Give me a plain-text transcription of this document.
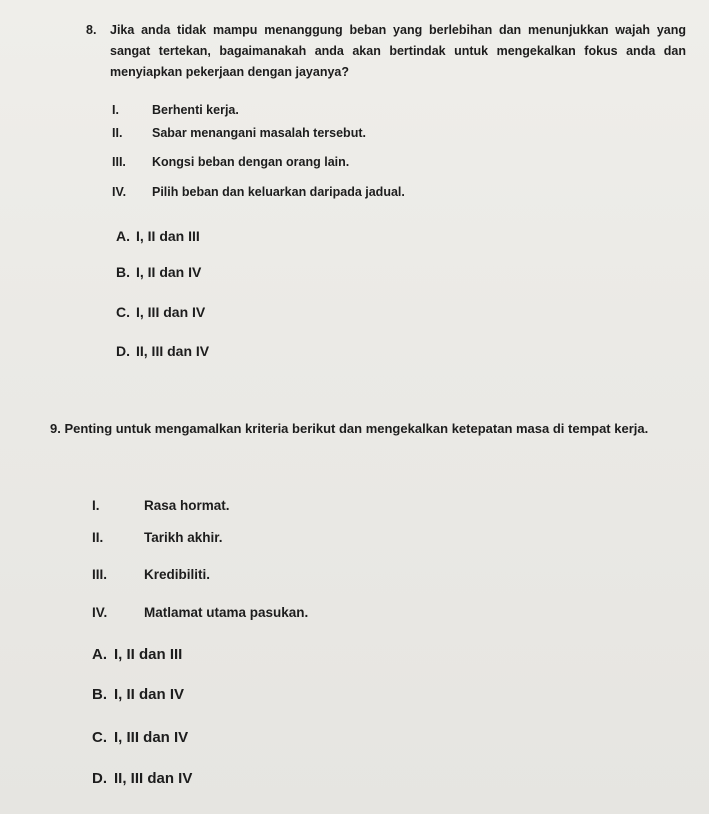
8.	Jika anda tidak mampu menanggung beban yang berlebihan dan menunjukkan wajah yang sangat tertekan, bagaimanakah anda akan bertindak untuk mengekalkan fokus anda dan menyiapkan pekerjaan dengan jayanya?
I.	Berhenti kerja.
II.	Sabar menangani masalah tersebut.
III.	Kongsi beban dengan orang lain.
IV.	Pilih beban dan keluarkan daripada jadual.
A. I, II dan III
B. I, II dan IV
C. I, III dan IV
D. II, III dan IV
9. Penting untuk mengamalkan kriteria berikut dan mengekalkan ketepatan masa di tempat kerja.
I.	Rasa hormat.
II.	Tarikh akhir.
III.	Kredibiliti.
IV.	Matlamat utama pasukan.
A. I, II dan III
B. I, II dan IV
C. I, III dan IV
D. II, III dan IV
